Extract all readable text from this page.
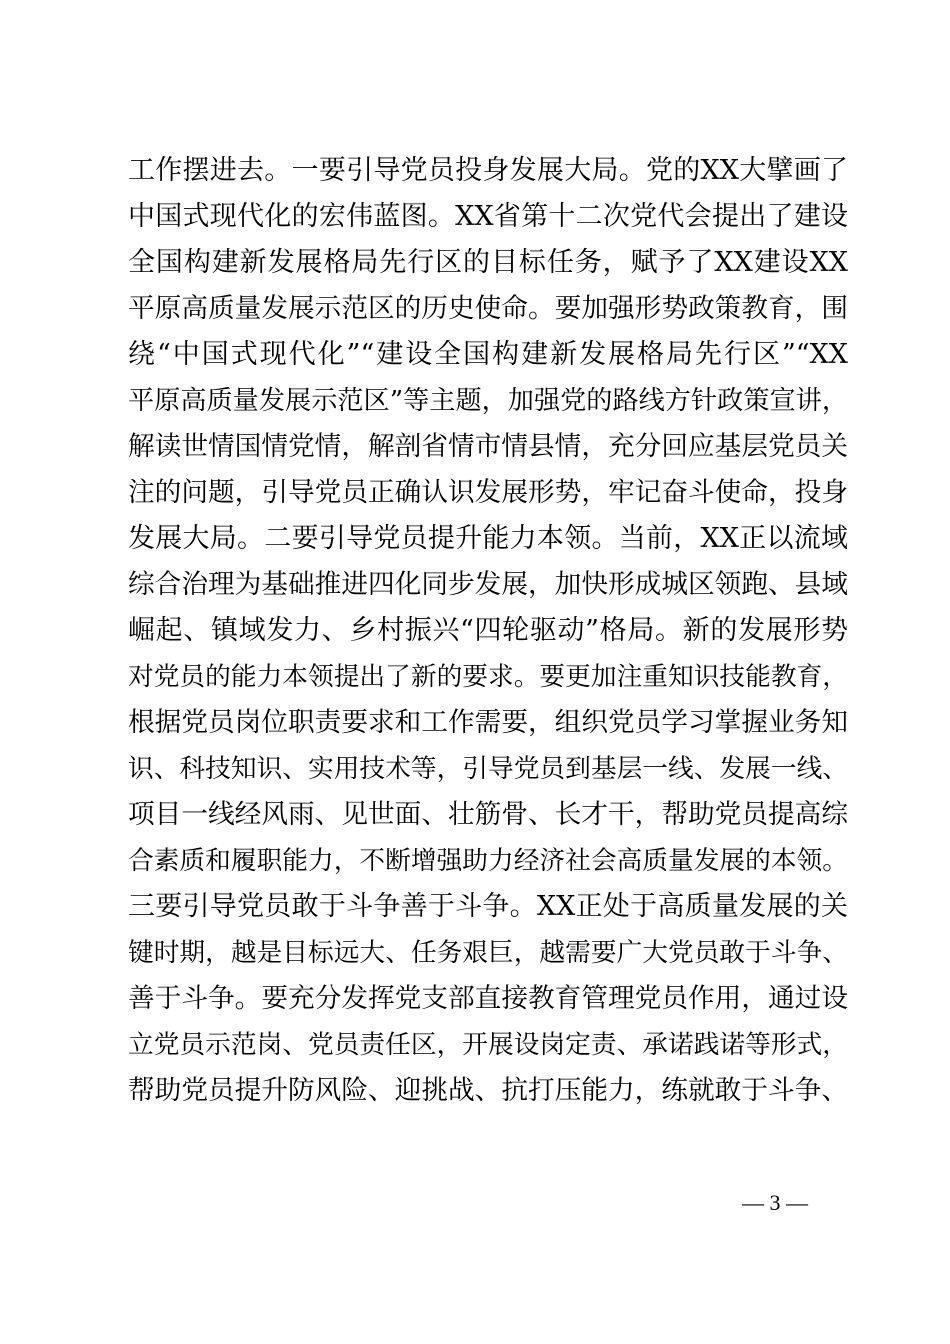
工作摆进去。一要引导党员投身发展大局。党的XX大擘画了
中国式现代化的宏伟蓝图。XX省第十二次党代会提出了建设
全国构建新发展格局先行区的目标任务，赋予了XX建设XX
平原高质量发展示范区的历史使命。要加强形势政策教育，围
绕“中国式现代化”“建设全国构建新发展格局先行区”“XX
平原高质量发展示范区”等主题，加强党的路线方针政策宣讲，
解读世情国情党情，解剖省情市情县情，充分回应基层党员关
注的问题，引导党员正确认识发展形势，牢记奋斗使命，投身
发展大局。二要引导党员提升能力本领。当前，XX正以流域
综合治理为基础推进四化同步发展，加快形成城区领跑、县域
崛起、镇域发力、乡村振兴“四轮驱动”格局。新的发展形势
对党员的能力本领提出了新的要求。要更加注重知识技能教育，
根据党员岗位职责要求和工作需要，组织党员学习掌握业务知
识、科技知识、实用技术等，引导党员到基层一线、发展一线、
项目一线经风雨、见世面、壮筋骨、长才干，帮助党员提高综
合素质和履职能力，不断增强助力经济社会高质量发展的本领。
三要引导党员敢于斗争善于斗争。XX正处于高质量发展的关
键时期，越是目标远大、任务艰巨，越需要广大党员敢于斗争、
善于斗争。要充分发挥党支部直接教育管理党员作用，通过设
立党员示范岗、党员责任区，开展设岗定责、承诺践诺等形式，
帮助党员提升防风险、迎挑战、抗打压能力，练就敢于斗争、
— 3 —
